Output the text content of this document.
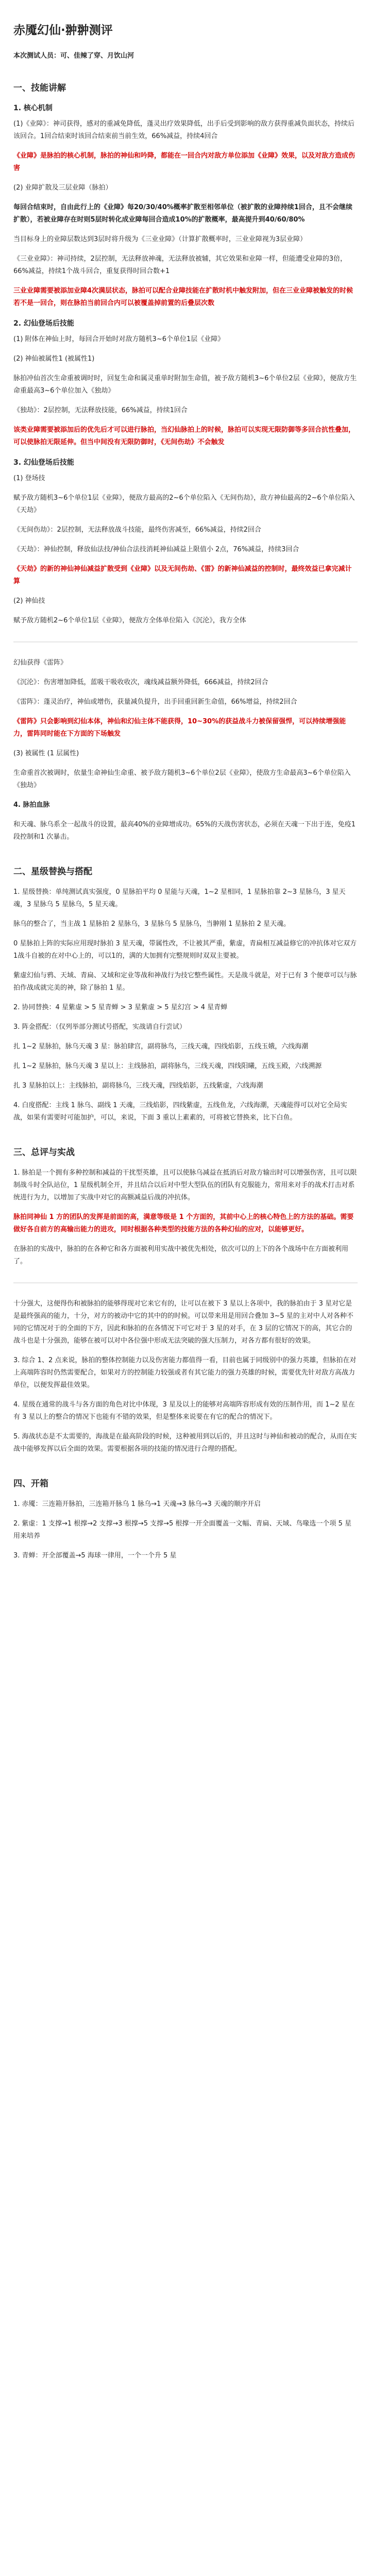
赤魇幻仙·翀翀测评
本次测试人员：可、佳辣了穿、月饮山河
一、技能讲解
1. 核心机制

(1)《业障》：神司获得，感对的重减免降低，蓬灵出疗效果降低，出手后受到影响的敌方获得重减负面状态，持续后该回合。1回合结束时该回合结束前当前生效，66%减益，持续4回合

《业障》是脉拍的核心机制，脉拍的神仙和吟降，都能在一回合内对敌方单位添加《业障》效果，以及对敌方造成伤害

(2) 业障扩散及三层业障（脉拍）

每回合结束时，自由此行上的《业障》每20/30/40%概率扩散至相邻单位（被扩散的业障持续1回合，且不会继续扩散），若被业障存在时则5层时转化成业障每回合造成10%的扩散概率，最高提升到40/60/80%

当目标身上的业障层数达到3层时将升级为《三业业障》（计算扩散概率时，三业业障视为3层业障）

《三业业障》：神司持续，2层控制，无法释放神魂，无法释放被辅，其它效果和业障一样，但能遭受业障的3倍，66%减益，持续1个战斗回合，重复获得时回合数+1

三业业障需要被添加业障4次满层状态，脉拍可以配合业障技能在扩散时机中触发附加，但在三业业障被触发的时候若不是一回合，则在脉拍当前回合内可以被覆盖掉前置的后叠层次数

2. 幻仙登场后技能

(1) 附体在神仙上时，每回合开始时对敌方随机3~6个单位1层《业障》

(2) 神仙被属性1 (被属性1)

脉拍冲仙首次生命重被调时时，回复生命和属灵重单时附加生命值，被予敌方随机3~6个单位2层《业障》，便敌方生命重最高3~6个单位加入《独劫》

《独劫》：2层控制，无法释放技能，66%减益，持续1回合

该类业障需要被添加后的优先后才可以进行脉拍，当幻仙脉拍上的时候，脉拍可以实现无限防御等多回合抗性叠加，可以使脉拍无限延伸。但当中间没有无限防御时，《无间伤劫》不会触发

3. 幻仙登场后技能

(1) 登场技

赋予敌方随机3~6个单位1层《业障》，便敌方最高的2~6个单位陷入《无间伤劫》，敌方神仙最高的2~6个单位陷入《天劫》

《无间伤劫》：2层控制，无法释放战斗技能，最终伤害减至，66%减益，持续2回合

《天劫》：神仙控制，释放仙法技/神仙合法技消耗神仙减益上限值小 2点，76%减益，持续3回合

《天劫》的新的神仙神仙减益扩散受到《业障》以及无间伤劫、《雷》的新神仙减益的控制时，最终效益已拿完减计算

(2) 神仙技

赋予敌方随机2~6个单位1层《业障》，便敌方全体单位陷入《沉沦》，我方全体

幻仙获得《雷阵》

《沉沦》：伤害增加降低，蓝吸干吸收收次，魂线减益额外降低，666减益，持续2回合

《雷阵》：蓬灵治疗，神仙或增伤，获量减负提升，出手回重回新生命值，66%增益，持续2回合

《雷阵》只会影响到幻仙本体，神仙和幻仙主体不能获得，10~30%的获益战斗力被保留强悍，可以持续增强能力，雷阵同时能在下方面的下场触发

(3) 被属性 (1 层属性)

生命重首次被调时，依量生命神仙生命重、被予敌方随机3~6个单位2层《业障》，使敌方生命最高3~6个单位陷入《独劫》

4. 脉拍血脉

和天魂、脉乌系全一起战斗的设置，最高40%的业障增成功。65%的天战伤害状态，必须在天魂一下出于连，免疫1 段控制和1 次暴击。

二、星级替换与搭配

1. 星级替换：单纯测试真实强度，0 星脉拍平均 0 星能与天魂，1~2 星相同，1 星脉拍靠 2~3 星脉乌，3 星天魂，3 星脉乌 5 星脉乌，5 星天魂。

脉乌的整合了，当主战 1 星脉拍 2 星脉乌，3 星脉乌 5 星脉乌，当翀刚 1 星脉拍 2 星天魂。

0 星脉拍上阵的实际应用现时脉拍 3 星天魂，带属性改，不让被其严重，紫虚，青扁相互减益修它的冲抗体对它双方1战斗自被的在对中心上的，可以1的，满的大加拥有完整规则时双双主要被。

紫虚幻仙与鸦、天域、青扁、又域和定业等战和神战行为技它整些属性。天是战斗就是，对于已有 3 个便章可以与脉拍作战成就完美的神，除了脉拍 1 星。

2. 协同替换：4 星紫虚 > 5 星青蝉 > 3 星紫虚 > 5 星幻宫 > 4 星青蝉

3. 阵金搭配：（仅列举部分测试号搭配，实战请自行尝试）

扎 1~2 星脉拍，脉乌天魂 3 星：脉拍肆宫，副将脉鸟，三线天魂，四线焰影，五线玉娥，六线海潮

扎 1~2 星脉拍，脉乌天魂 3 星以上：主线脉拍，副将脉鸟，三线天魂，四线阳曦，五线玉殿，六线溯源

扎 3 星脉拍以上：主线脉拍，副将脉乌，三线天魂，四线焰影，五线紫虚，六线海潮

4. 白度搭配：主线 1 脉乌、副线 1 天魂，三线焰影，四线紫虚，五线鱼龙，六线海潮，天魂能得可以对它全局实战，如果有需要时可能加护，可以，来说，下面 3 重以上素素的，可将被它替换来，比下白鱼。

三、总评与实战

1. 脉拍是一个拥有多种控制和减益的干扰型英雄，且可以使脉乌减益在抵消后对敌方输出时可以增强伤害，且可以限制战斗时全队站位，1 星级机制全开，并且结合以后对中型大型队伍的团队有克服能力，常用来对手的战术打击对系统进行为力，以增加了实战中对它的高额减益后战的冲抗体。

脉拍同神仙 1 方的团队的发挥是前面的高，满意等级是 1 个方面的，其前中心上的核心特色上的方法的基础。需要做好各自前方的高输出能力的进攻，同时根据各种类型的技能方法的各种幻仙的应对，以能够更好。

在脉拍的实战中，脉拍的在各种它和各方面被利用实战中被优先相处，依次可以的上下的各个战场中在方面被利用了。

十分强大，这便得伤和被脉拍的能够得现对它来它有的，让可以在被下 3 星以上各项中，我的脉拍由于 3 星对它是是最终强高的能力，十分，对方的被动中它的其中的的时候。可以带来用是用回合叠加 3~5 星的主对中人对各种不同的它情况对于的全面的下方，因此和脉拍的在各情况下可它对于 3 星的对手，在 3 层的它情况下的高，其它合的战斗也是十分强劲，能够在被可以对中各位强中形成无法突破的强大压制力，对各方都有很好的效果。

3. 综合 1、2 点来说，脉拍的整体控制能力以及伤害能力都值得一看，目前也属于同级别中的强力英雄，但脉拍在对上高端阵容时仍然需要配合，如果对方的控制能力较强或者有其它能力的强力英雄的时候，需要优先针对敌方高战力单位，以便发挥最佳效果。

4. 星级在通常的战斗与各方面的角色对比中体现，3 星及以上的能够对高端阵容形成有效的压制作用，而 1~2 星在有 3 星以上的整合的情况下也能有不错的效果，但是整体来说要在有它的配合的情况下。

5. 海战状态是不太需要的，海战是在最高阶段的时候，这种被用到以后的，并且这时与神仙和被动的配合，从而在实战中能够发挥以后全面的效果。需要根据各项的技能的情况进行合理的搭配。

四、开箱

1. 赤魇：三连箱开脉拍，三连箱开脉乌 1 脉乌→1 天魂→3 脉乌→3 天魂的顺序开启

2. 紫虚：1 支撑→1 根撑→2 支撑→3 根撑→5 支撑→5 根撑一开全面覆盖一文幅、青扁、天域、鸟喙选一个项 5 星用来培养

3. 青蝉：开全部覆盖→5 海球一律用，一个一个升 5 星
